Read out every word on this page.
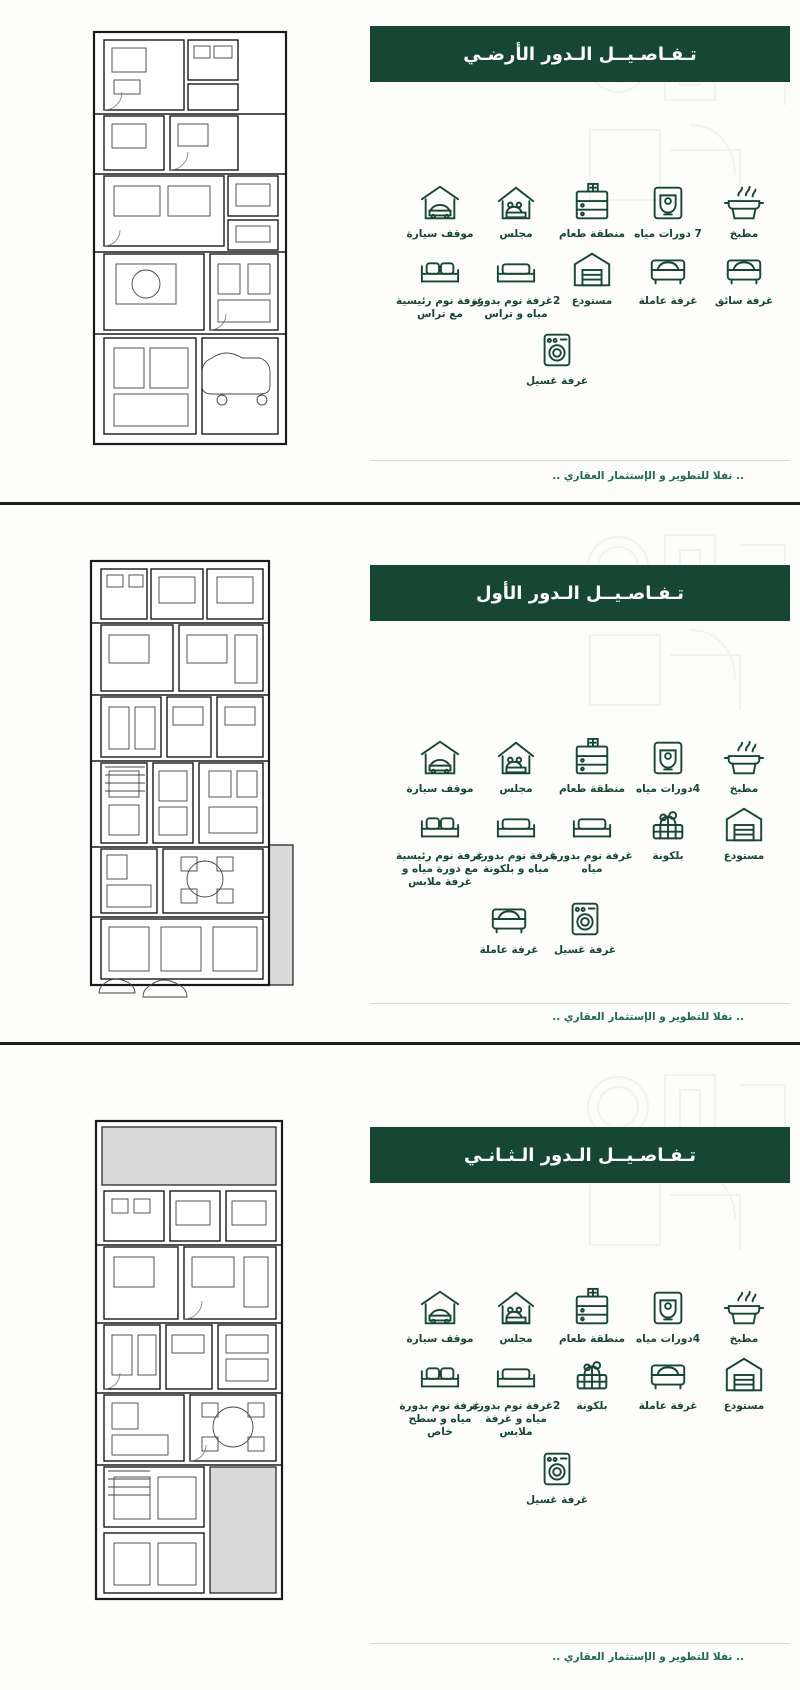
تـفـاصـيــل الـدور الأرضـي
مطبخ
7 دورات مياه
منطقة طعام
مجلس
موقف سيارة
غرفة سائق
غرفة عاملة
مستودع
2غرفة نوم بدورة مياه و تراس
غرفة نوم رئيسية مع تراس
غرفة غسيل
.. نفلا للتطوير و الإستثمار العقاري ..
تـفـاصـيــل الـدور الأول
مطبخ
4دورات مياه
منطقة طعام
مجلس
موقف سيارة
مستودع
بلكونة
غرفة نوم بدورة مياه
غرفة نوم بدورة مياه و بلكونة
غرفة نوم رئيسية مع دورة مياه و غرفة ملابس
غرفة غسيل
غرفة عاملة
.. نفلا للتطوير و الإستثمار العقاري ..
تـفـاصـيــل الـدور الـثـانـي
مطبخ
4دورات مياه
منطقة طعام
مجلس
موقف سيارة
مستودع
غرفة عاملة
بلكونة
2غرفة نوم بدورة مياه و غرفة ملابس
غرفة نوم بدورة مياه و سطح خاص
غرفة غسيل
.. نفلا للتطوير و الإستثمار العقاري ..
